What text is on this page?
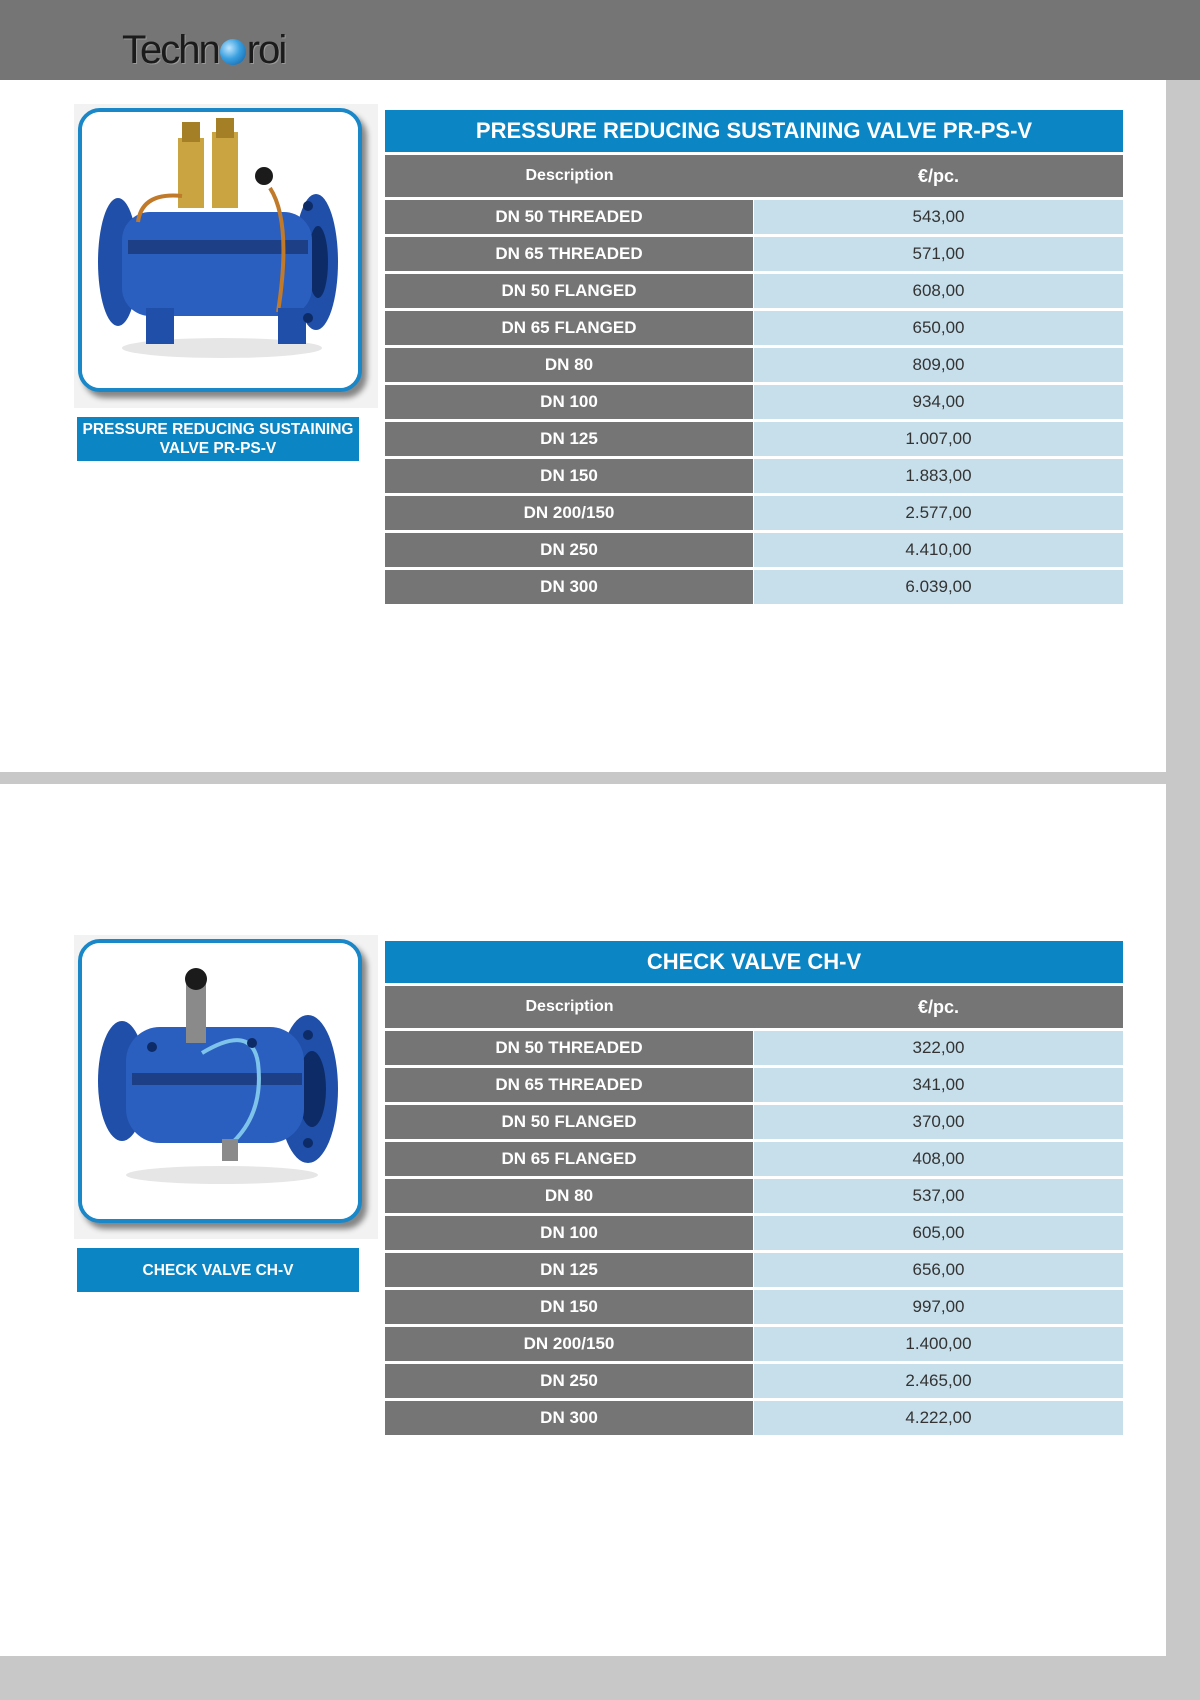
Techn roi
PRESSURE REDUCING SUSTAINING VALVE PR-PS-V
PRESSURE REDUCING SUSTAINING VALVE PR-PS-V
Description	€/pc.
DN 50 THREADED	543,00
DN 65 THREADED	571,00
DN 50 FLANGED	608,00
DN 65 FLANGED	650,00
DN 80	809,00
DN 100	934,00
DN 125	1.007,00
DN 150	1.883,00
DN 200/150	2.577,00
DN 250	4.410,00
DN 300	6.039,00
CHECK VALVE CH-V
CHECK VALVE CH-V
Description	€/pc.
DN 50 THREADED	322,00
DN 65 THREADED	341,00
DN 50 FLANGED	370,00
DN 65 FLANGED	408,00
DN 80	537,00
DN 100	605,00
DN 125	656,00
DN 150	997,00
DN 200/150	1.400,00
DN 250	2.465,00
DN 300	4.222,00
